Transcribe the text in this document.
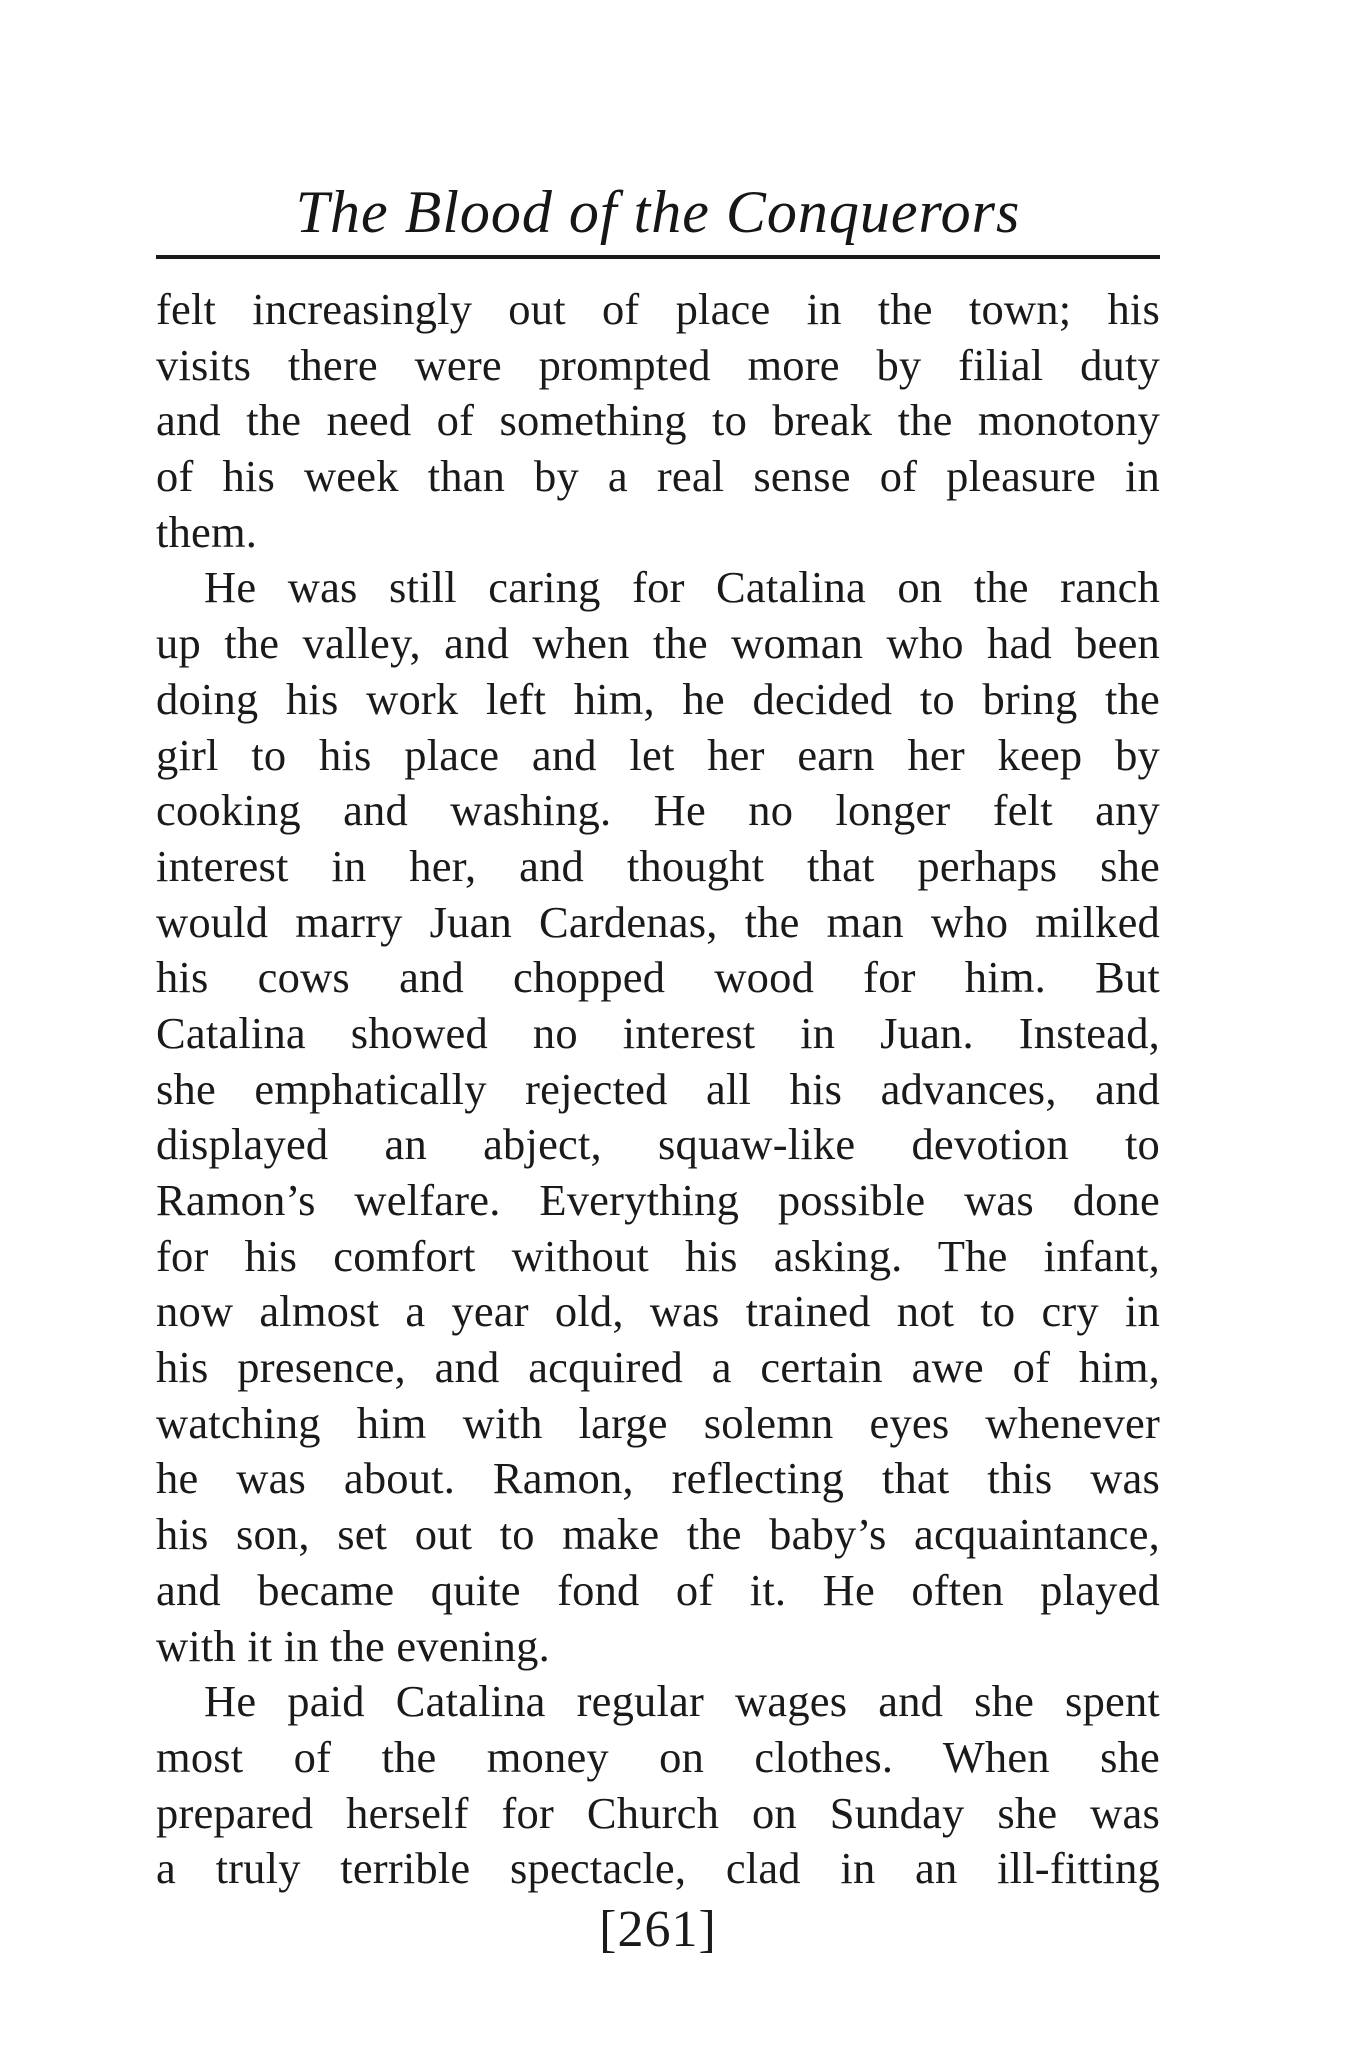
The Blood of the Conquerors
felt increasingly out of place in the town; his
visits there were prompted more by filial duty
and the need of something to break the monotony
of his week than by a real sense of pleasure in
them.
He was still caring for Catalina on the ranch
up the valley, and when the woman who had been
doing his work left him, he decided to bring the
girl to his place and let her earn her keep by
cooking and washing. He no longer felt any
interest in her, and thought that perhaps she
would marry Juan Cardenas, the man who milked
his cows and chopped wood for him. But
Catalina showed no interest in Juan. Instead,
she emphatically rejected all his advances, and
displayed an abject, squaw-like devotion to
Ramon’s welfare. Everything possible was done
for his comfort without his asking. The infant,
now almost a year old, was trained not to cry in
his presence, and acquired a certain awe of him,
watching him with large solemn eyes whenever
he was about. Ramon, reflecting that this was
his son, set out to make the baby’s acquaintance,
and became quite fond of it. He often played
with it in the evening.
He paid Catalina regular wages and she spent
most of the money on clothes. When she
prepared herself for Church on Sunday she was
a truly terrible spectacle, clad in an ill-fitting
[261]
